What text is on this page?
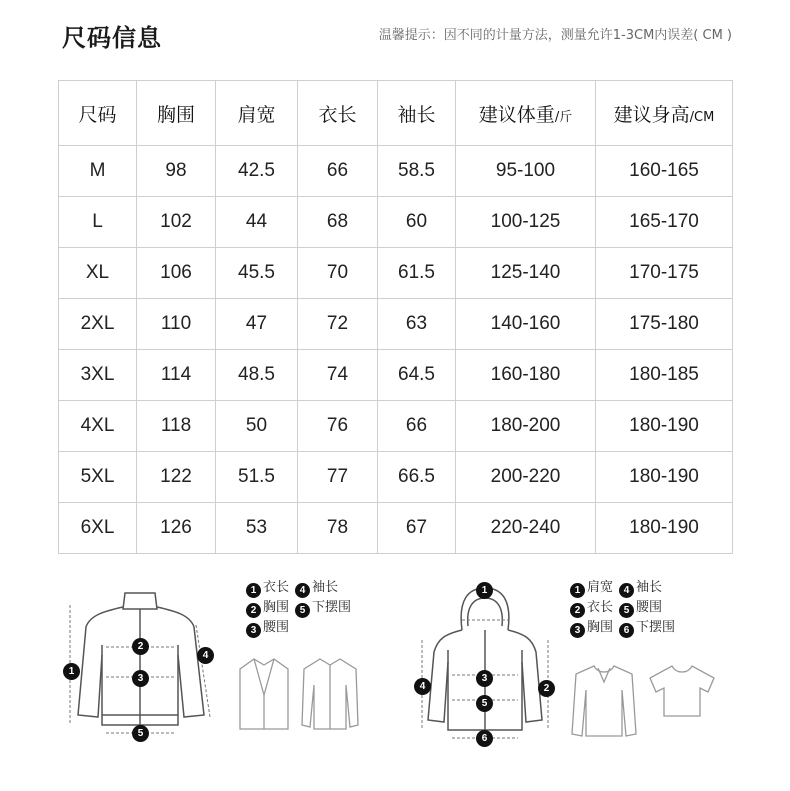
尺码信息	温馨提示：因不同的计量方法，测量允许1-3CM内误差( CM )
尺码	胸围	肩宽	衣长	袖长	建议体重/斤	建议身高/CM
M	98	42.5	66	58.5	95-100	160-165
L	102	44	68	60	100-125	165-170
XL	106	45.5	70	61.5	125-140	170-175
2XL	110	47	72	63	140-160	175-180
3XL	114	48.5	74	64.5	160-180	180-185
4XL	118	50	76	66	180-200	180-190
5XL	122	51.5	77	66.5	200-220	180-190
6XL	126	53	78	67	220-240	180-190
1
2
3
4
5
1 衣长 4 袖长
2 胸围 5 下摆围
3 腰围
1
2
3
4
5
6
1 肩宽 4 袖长
2 衣长 5 腰围
3 胸围 6 下摆围
